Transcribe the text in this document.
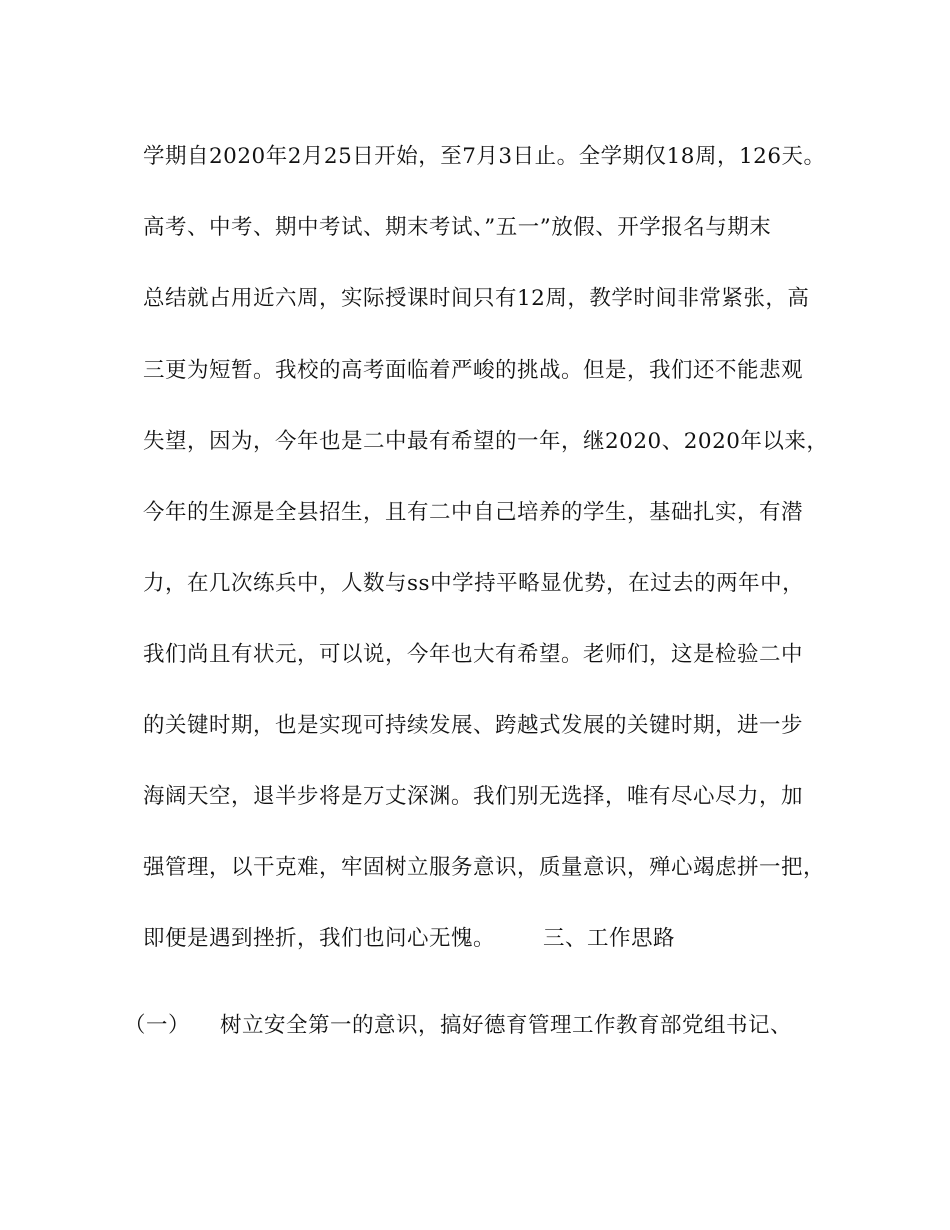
学期自2020年2月25日开始，至7月3日止。全学期仅18周，126天。
高考、中考、期中考试、期末考试、”五一”放假、开学报名与期末
总结就占用近六周，实际授课时间只有12周，教学时间非常紧张，高
三更为短暂。我校的高考面临着严峻的挑战。但是，我们还不能悲观
失望，因为，今年也是二中最有希望的一年，继2020、2020年以来，
今年的生源是全县招生，且有二中自己培养的学生，基础扎实，有潜
力，在几次练兵中，人数与ss中学持平略显优势，在过去的两年中，
我们尚且有状元，可以说，今年也大有希望。老师们，这是检验二中
的关键时期，也是实现可持续发展、跨越式发展的关键时期，进一步
海阔天空，退半步将是万丈深渊。我们别无选择，唯有尽心尽力，加
强管理，以干克难，牢固树立服务意识，质量意识，殚心竭虑拼一把，
即便是遇到挫折，我们也问心无愧。 三、工作思路
（一） 树立安全第一的意识，搞好德育管理工作教育部党组书记、
